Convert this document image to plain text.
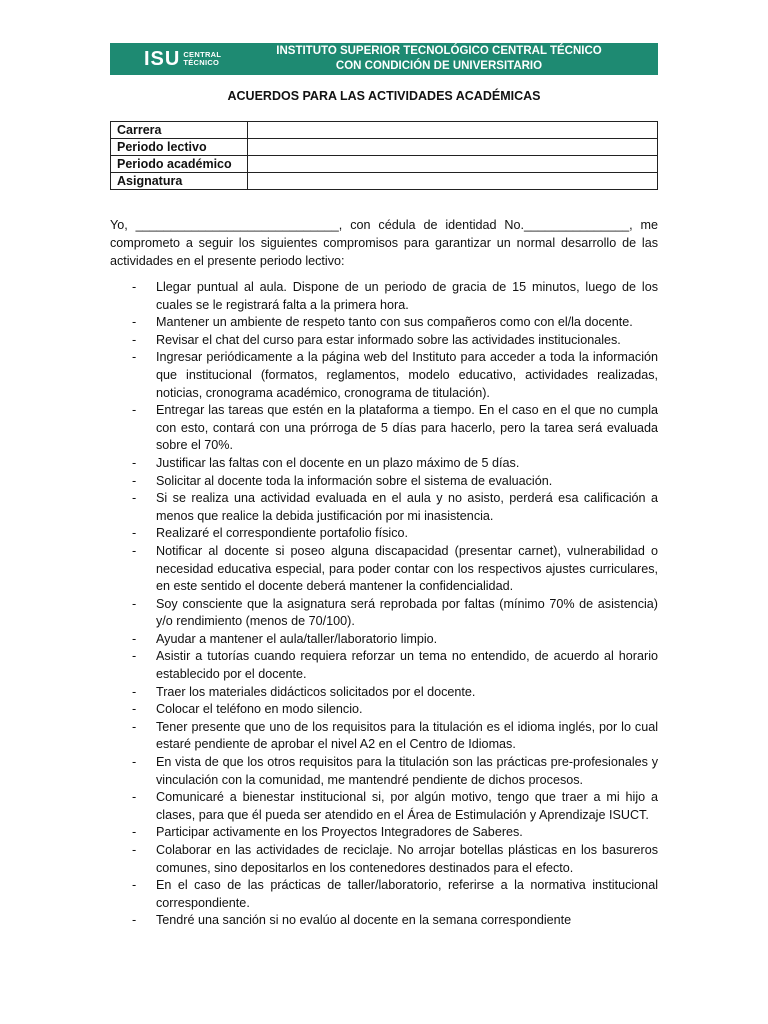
ISU CENTRAL
TÉCNICO
INSTITUTO SUPERIOR TECNOLÓGICO CENTRAL TÉCNICO
CON CONDICIÓN DE UNIVERSITARIO
ACUERDOS PARA LAS ACTIVIDADES ACADÉMICAS
Carrera	
Periodo lectivo	
Periodo académico	
Asignatura	
Yo, _____________________________, con cédula de identidad No._______________, me comprometo a seguir los siguientes compromisos para garantizar un normal desarrollo de las actividades en el presente periodo lectivo:
- Llegar puntual al aula. Dispone de un periodo de gracia de 15 minutos, luego de los cuales se le registrará falta a la primera hora.
- Mantener un ambiente de respeto tanto con sus compañeros como con el/la docente.
- Revisar el chat del curso para estar informado sobre las actividades institucionales.
- Ingresar periódicamente a la página web del Instituto para acceder a toda la información que institucional (formatos, reglamentos, modelo educativo, actividades realizadas, noticias, cronograma académico, cronograma de titulación).
- Entregar las tareas que estén en la plataforma a tiempo. En el caso en el que no cumpla con esto, contará con una prórroga de 5 días para hacerlo, pero la tarea será evaluada sobre el 70%.
- Justificar las faltas con el docente en un plazo máximo de 5 días.
- Solicitar al docente toda la información sobre el sistema de evaluación.
- Si se realiza una actividad evaluada en el aula y no asisto, perderá esa calificación a menos que realice la debida justificación por mi inasistencia.
- Realizaré el correspondiente portafolio físico.
- Notificar al docente si poseo alguna discapacidad (presentar carnet), vulnerabilidad o necesidad educativa especial, para poder contar con los respectivos ajustes curriculares, en este sentido el docente deberá mantener la confidencialidad.
- Soy consciente que la asignatura será reprobada por faltas (mínimo 70% de asistencia) y/o rendimiento (menos de 70/100).
- Ayudar a mantener el aula/taller/laboratorio limpio.
- Asistir a tutorías cuando requiera reforzar un tema no entendido, de acuerdo al horario establecido por el docente.
- Traer los materiales didácticos solicitados por el docente.
- Colocar el teléfono en modo silencio.
- Tener presente que uno de los requisitos para la titulación es el idioma inglés, por lo cual estaré pendiente de aprobar el nivel A2 en el Centro de Idiomas.
- En vista de que los otros requisitos para la titulación son las prácticas pre-profesionales y vinculación con la comunidad, me mantendré pendiente de dichos procesos.
- Comunicaré a bienestar institucional si, por algún motivo, tengo que traer a mi hijo a clases, para que él pueda ser atendido en el Área de Estimulación y Aprendizaje ISUCT.
- Participar activamente en los Proyectos Integradores de Saberes.
- Colaborar en las actividades de reciclaje. No arrojar botellas plásticas en los basureros comunes, sino depositarlos en los contenedores destinados para el efecto.
- En el caso de las prácticas de taller/laboratorio, referirse a la normativa institucional correspondiente.
- Tendré una sanción si no evalúo al docente en la semana correspondiente
